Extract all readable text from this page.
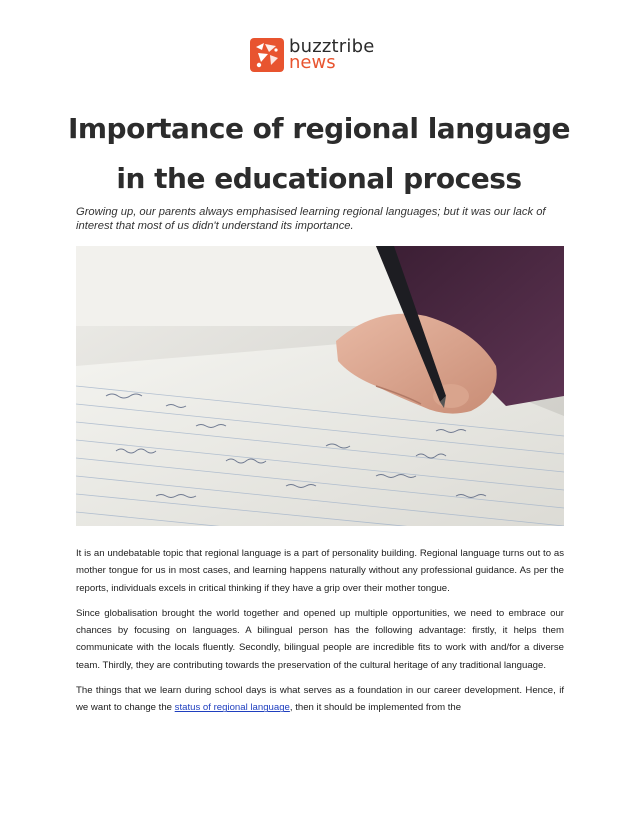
buzztribe
news
Importance of regional language in the educational process

Growing up, our parents always emphasised learning regional languages; but it was our lack of interest that most of us didn't understand its importance.

It is an undebatable topic that regional language is a part of personality building. Regional language turns out to as mother tongue for us in most cases, and learning happens naturally without any professional guidance. As per the reports, individuals excels in critical thinking if they have a grip over their mother tongue.

Since globalisation brought the world together and opened up multiple opportunities, we need to embrace our chances by focusing on languages. A bilingual person has the following advantage: firstly, it helps them communicate with the locals fluently. Secondly, bilingual people are incredible fits to work with and/for a diverse team. Thirdly, they are contributing towards the preservation of the cultural heritage of any traditional language.

The things that we learn during school days is what serves as a foundation in our career development. Hence, if we want to change the status of regional language, then it should be implemented from the
